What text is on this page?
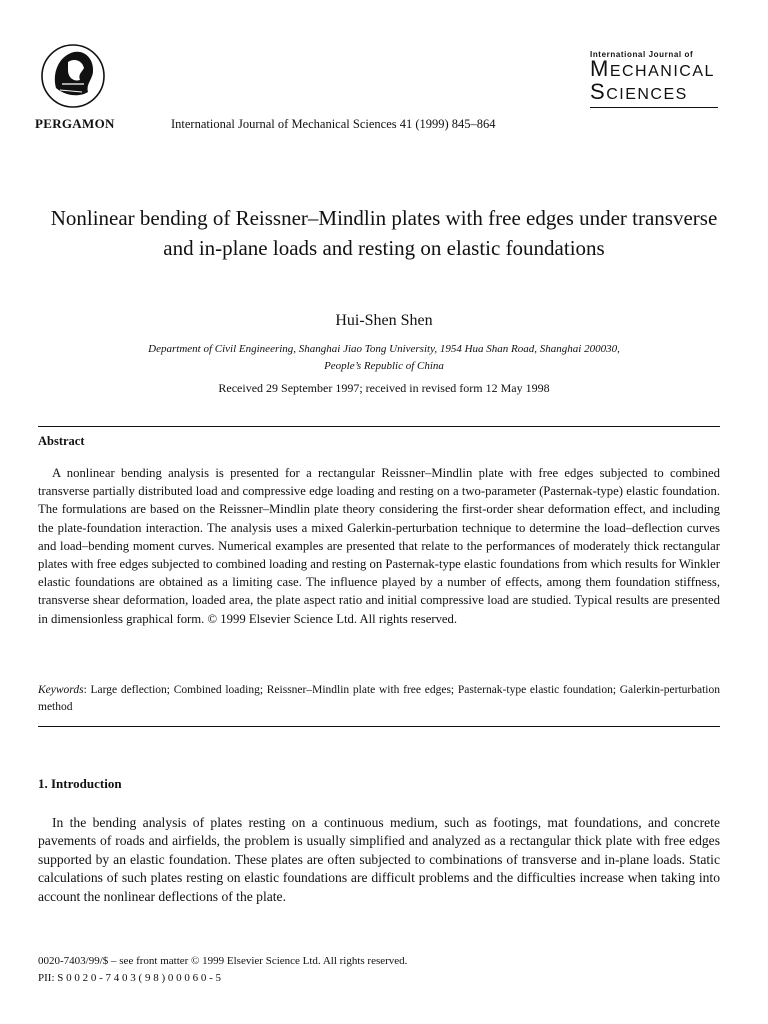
PERGAMON	International Journal of Mechanical Sciences 41 (1999) 845–864
International Journal of
MECHANICAL
SCIENCES
Nonlinear bending of Reissner–Mindlin plates with free edges under transverse and in-plane loads and resting on elastic foundations
Hui-Shen Shen
Department of Civil Engineering, Shanghai Jiao Tong University, 1954 Hua Shan Road, Shanghai 200030,
People’s Republic of China
Received 29 September 1997; received in revised form 12 May 1998
Abstract
A nonlinear bending analysis is presented for a rectangular Reissner–Mindlin plate with free edges subjected to combined transverse partially distributed load and compressive edge loading and resting on a two-parameter (Pasternak-type) elastic foundation. The formulations are based on the Reissner–Mindlin plate theory considering the first-order shear deformation effect, and including the plate-foundation interaction. The analysis uses a mixed Galerkin-perturbation technique to determine the load–deflection curves and load–bending moment curves. Numerical examples are presented that relate to the performances of moderately thick rectangular plates with free edges subjected to combined loading and resting on Pasternak-type elastic foundations from which results for Winkler elastic foundations are obtained as a limiting case. The influence played by a number of effects, among them foundation stiffness, transverse shear deformation, loaded area, the plate aspect ratio and initial compressive load are studied. Typical results are presented in dimensionless graphical form. © 1999 Elsevier Science Ltd. All rights reserved.
Keywords: Large deflection; Combined loading; Reissner–Mindlin plate with free edges; Pasternak-type elastic foundation; Galerkin-perturbation method
1. Introduction
In the bending analysis of plates resting on a continuous medium, such as footings, mat foundations, and concrete pavements of roads and airfields, the problem is usually simplified and analyzed as a rectangular thick plate with free edges supported by an elastic foundation. These plates are often subjected to combinations of transverse and in-plane loads. Static calculations of such plates resting on elastic foundations are difficult problems and the difficulties increase when taking into account the nonlinear deflections of the plate.
0020-7403/99/$ – see front matter © 1999 Elsevier Science Ltd. All rights reserved.
PII: S 0 0 2 0 - 7 4 0 3 ( 9 8 ) 0 0 0 6 0 - 5
